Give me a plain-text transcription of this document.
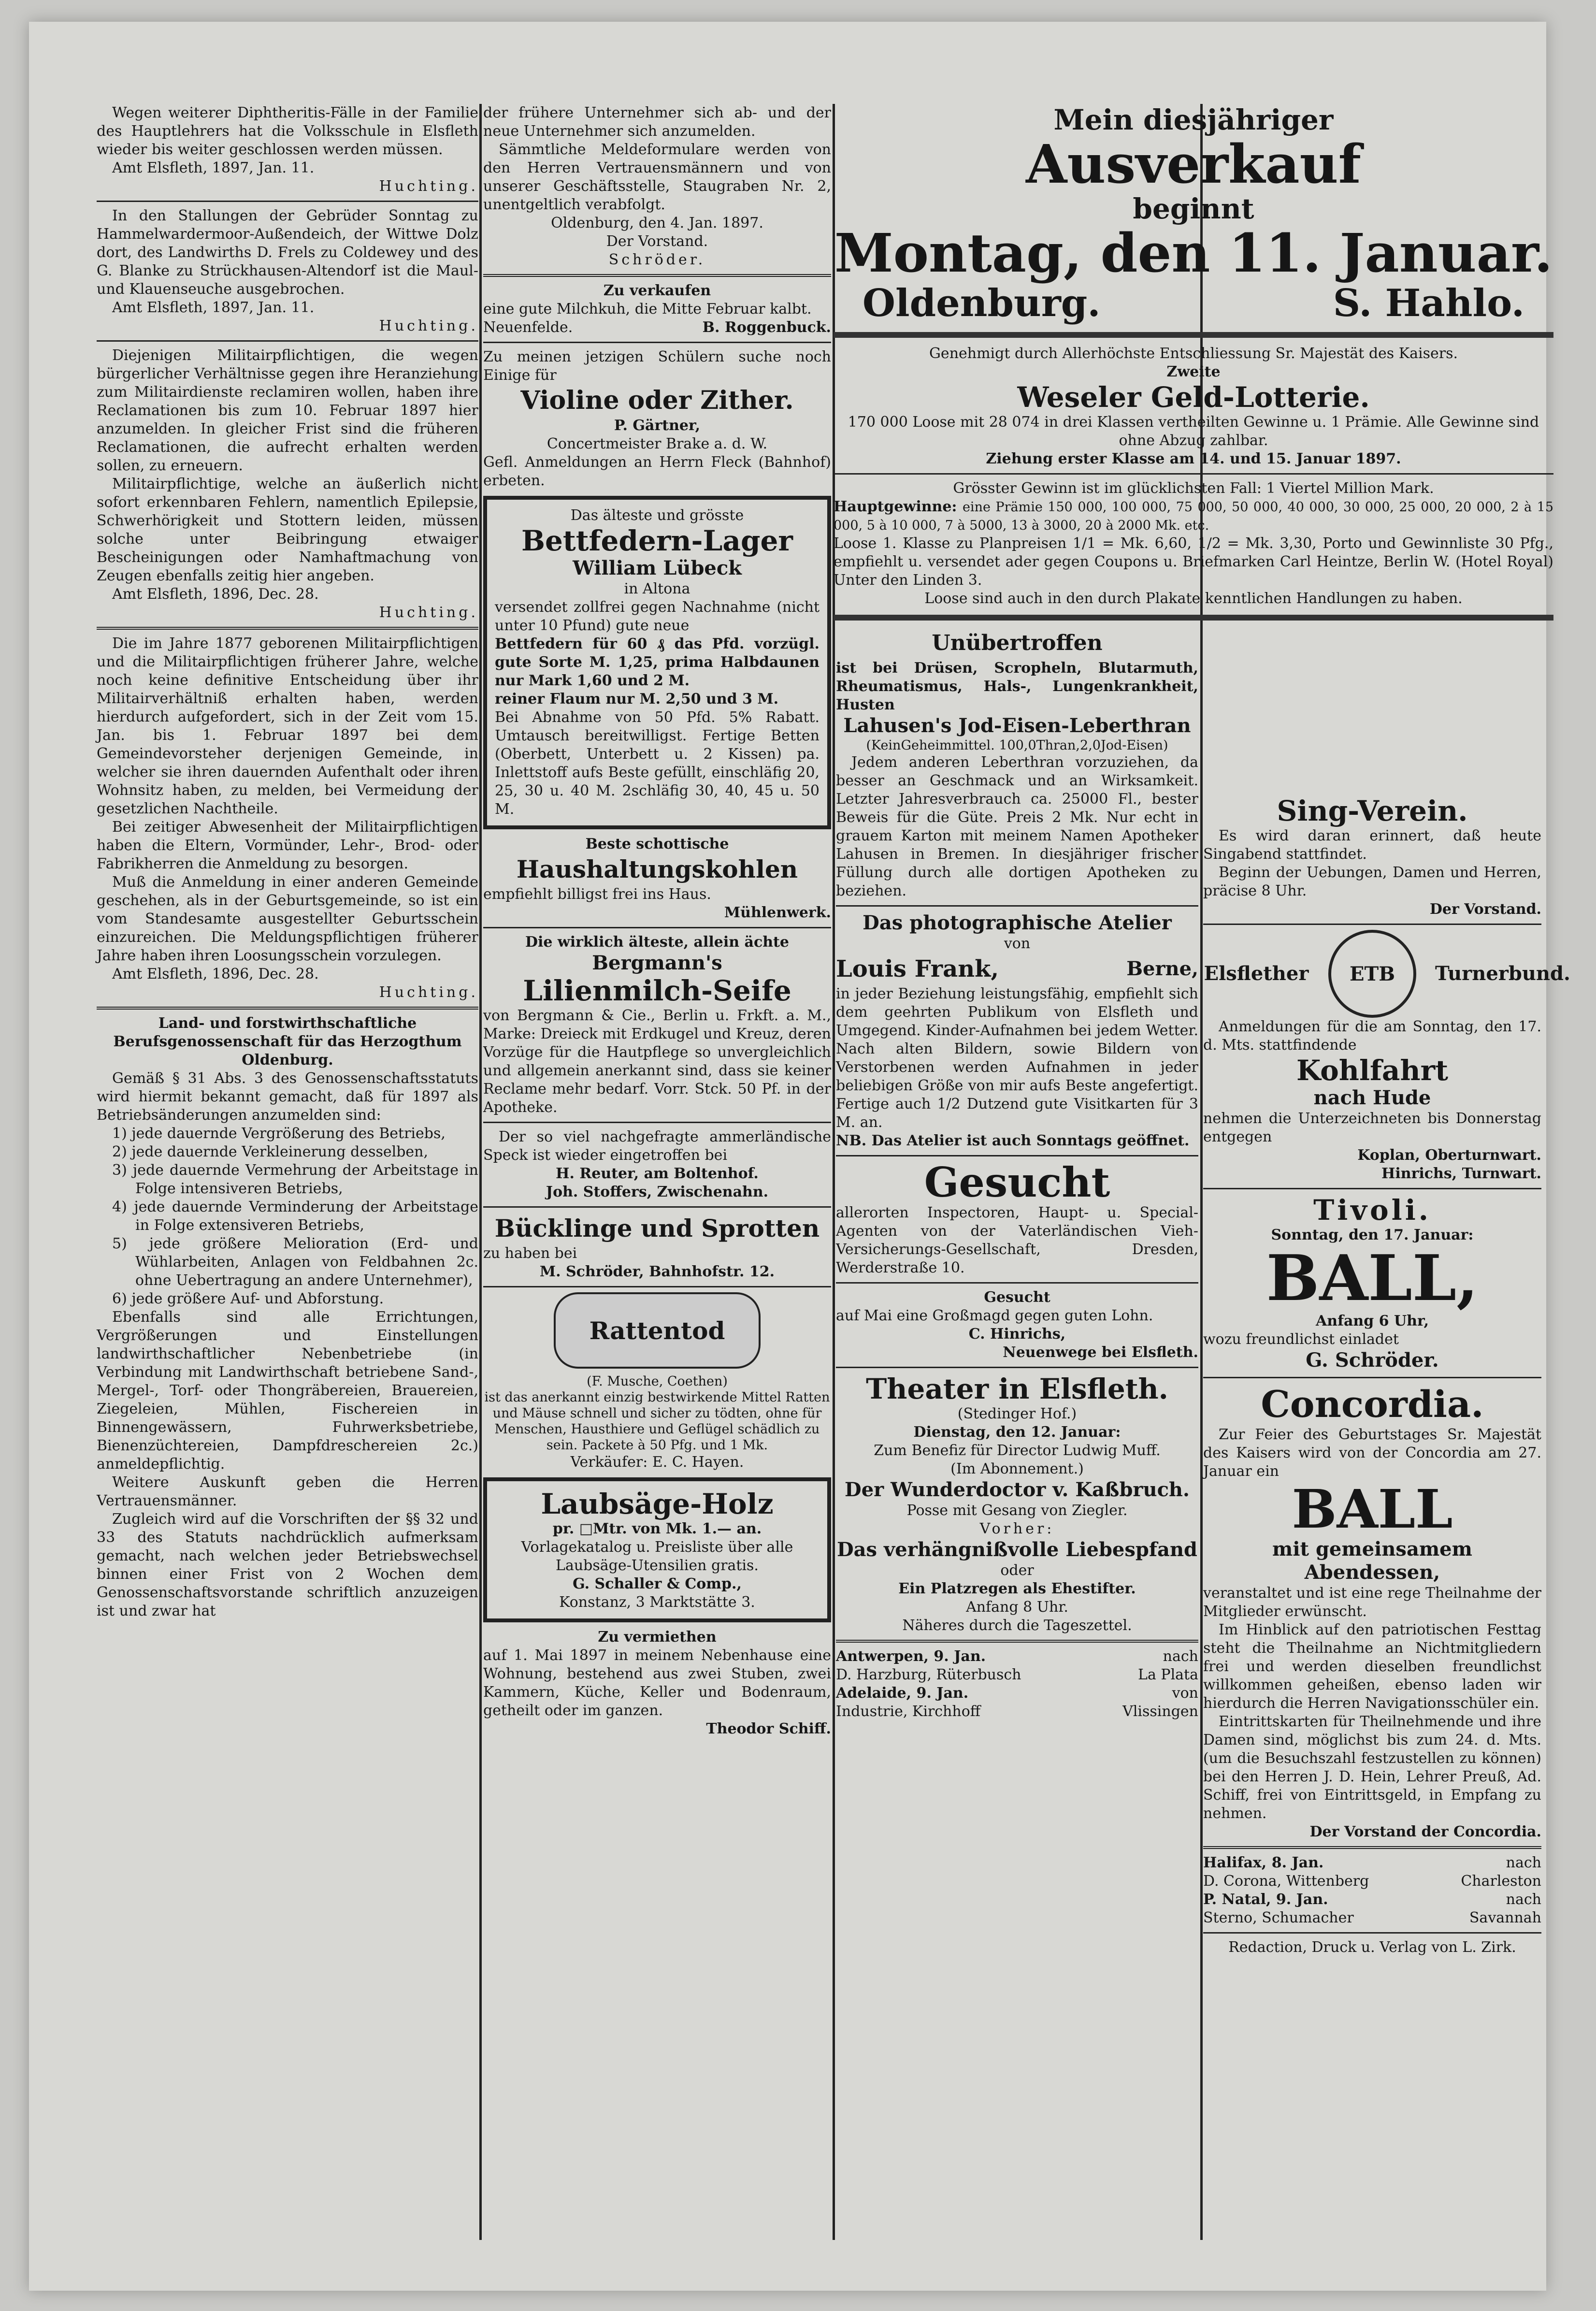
Wegen weiterer Diphtheritis-Fälle in der Familie des Hauptlehrers hat die Volksschule in Elsfleth wieder bis weiter geschlossen werden müssen.

Amt Elsfleth, 1897, Jan. 11.

Huchting.

In den Stallungen der Gebrüder Sonntag zu Hammelwardermoor-Außendeich, der Wittwe Dolz dort, des Landwirths D. Frels zu Coldewey und des G. Blanke zu Strückhausen-Altendorf ist die Maul- und Klauenseuche ausgebrochen.

Amt Elsfleth, 1897, Jan. 11.

Huchting.

Diejenigen Militairpflichtigen, die wegen bürgerlicher Verhältnisse gegen ihre Heranziehung zum Militairdienste reclamiren wollen, haben ihre Reclamationen bis zum 10. Februar 1897 hier anzumelden. In gleicher Frist sind die früheren Reclamationen, die aufrecht erhalten werden sollen, zu erneuern.

Militairpflichtige, welche an äußerlich nicht sofort erkennbaren Fehlern, namentlich Epilepsie, Schwerhörigkeit und Stottern leiden, müssen solche unter Beibringung etwaiger Bescheinigungen oder Namhaftmachung von Zeugen ebenfalls zeitig hier angeben.

Amt Elsfleth, 1896, Dec. 28.

Huchting.

Die im Jahre 1877 geborenen Militairpflichtigen und die Militairpflichtigen früherer Jahre, welche noch keine definitive Entscheidung über ihr Militairverhältniß erhalten haben, werden hierdurch aufgefordert, sich in der Zeit vom 15. Jan. bis 1. Februar 1897 bei dem Gemeindevorsteher derjenigen Gemeinde, in welcher sie ihren dauernden Aufenthalt oder ihren Wohnsitz haben, zu melden, bei Vermeidung der gesetzlichen Nachtheile.

Bei zeitiger Abwesenheit der Militairpflichtigen haben die Eltern, Vormünder, Lehr-, Brod- oder Fabrikherren die Anmeldung zu besorgen.

Muß die Anmeldung in einer anderen Gemeinde geschehen, als in der Geburtsgemeinde, so ist ein vom Standesamte ausgestellter Geburtsschein einzureichen. Die Meldungspflichtigen früherer Jahre haben ihren Loosungsschein vorzulegen.

Amt Elsfleth, 1896, Dec. 28.

Huchting.

Land- und forstwirthschaftliche Berufsgenossenschaft für das Herzogthum Oldenburg.

Gemäß § 31 Abs. 3 des Genossenschaftsstatuts wird hiermit bekannt gemacht, daß für 1897 als Betriebsänderungen anzumelden sind:

1) jede dauernde Vergrößerung des Betriebs,

2) jede dauernde Verkleinerung desselben,

3) jede dauernde Vermehrung der Arbeitstage in Folge intensiveren Betriebs,

4) jede dauernde Verminderung der Arbeitstage in Folge extensiveren Betriebs,

5) jede größere Melioration (Erd- und Wühlarbeiten, Anlagen von Feldbahnen 2c. ohne Uebertragung an andere Unternehmer),

6) jede größere Auf- und Abforstung.

Ebenfalls sind alle Errichtungen, Vergrößerungen und Einstellungen landwirthschaftlicher Nebenbetriebe (in Verbindung mit Landwirthschaft betriebene Sand-, Mergel-, Torf- oder Thongräbereien, Brauereien, Ziegeleien, Mühlen, Fischereien in Binnengewässern, Fuhrwerksbetriebe, Bienenzüchtereien, Dampfdreschereien 2c.) anmeldepflichtig.

Weitere Auskunft geben die Herren Vertrauensmänner.

Zugleich wird auf die Vorschriften der §§ 32 und 33 des Statuts nachdrücklich aufmerksam gemacht, nach welchen jeder Betriebswechsel binnen einer Frist von 2 Wochen dem Genossenschaftsvorstande schriftlich anzuzeigen ist und zwar hat

der frühere Unternehmer sich ab- und der neue Unternehmer sich anzumelden.

Sämmtliche Meldeformulare werden von den Herren Vertrauensmännern und von unserer Geschäftsstelle, Staugraben Nr. 2, unentgeltlich verabfolgt.

Oldenburg, den 4. Jan. 1897.

Der Vorstand.

Schröder.

Zu verkaufen

eine gute Milchkuh, die Mitte Februar kalbt.

Neuenfelde.	B. Roggenbuck.

Zu meinen jetzigen Schülern suche noch Einige für

Violine oder Zither.

P. Gärtner,

Concertmeister Brake a. d. W.

Gefl. Anmeldungen an Herrn Fleck (Bahnhof) erbeten.

Das älteste und grösste

Bettfedern-Lager

William Lübeck

in Altona

versendet zollfrei gegen Nachnahme (nicht unter 10 Pfund) gute neue

Bettfedern für 60 ₰ das Pfd. vorzügl. gute Sorte M. 1,25, prima Halbdaunen nur Mark 1,60 und 2 M.

reiner Flaum nur M. 2,50 und 3 M.

Bei Abnahme von 50 Pfd. 5% Rabatt. Umtausch bereitwilligst. Fertige Betten (Oberbett, Unterbett u. 2 Kissen) pa. Inlettstoff aufs Beste gefüllt, einschläfig 20, 25, 30 u. 40 M. 2schläfig 30, 40, 45 u. 50 M.

Beste schottische

Haushaltungskohlen

empfiehlt billigst frei ins Haus.

Mühlenwerk.

Die wirklich älteste, allein ächte

Bergmann's

Lilienmilch-Seife

von Bergmann & Cie., Berlin u. Frkft. a. M., Marke: Dreieck mit Erdkugel und Kreuz, deren Vorzüge für die Hautpflege so unvergleichlich und allgemein anerkannt sind, dass sie keiner Reclame mehr bedarf. Vorr. Stck. 50 Pf. in der Apotheke.

Der so viel nachgefragte ammerländische Speck ist wieder eingetroffen bei

H. Reuter, am Boltenhof.

Joh. Stoffers, Zwischenahn.

Bücklinge und Sprotten

zu haben bei

M. Schröder, Bahnhofstr. 12.

Rattentod

(F. Musche, Coethen)

ist das anerkannt einzig bestwirkende Mittel Ratten und Mäuse schnell und sicher zu tödten, ohne für Menschen, Hausthiere und Geflügel schädlich zu sein. Packete à 50 Pfg. und 1 Mk.

Verkäufer: E. C. Hayen.

Laubsäge-Holz

pr. □Mtr. von Mk. 1.— an.

Vorlagekatalog u. Preisliste über alle Laubsäge-Utensilien gratis.

G. Schaller & Comp.,

Konstanz, 3 Marktstätte 3.

Zu vermiethen

auf 1. Mai 1897 in meinem Nebenhause eine Wohnung, bestehend aus zwei Stuben, zwei Kammern, Küche, Keller und Bodenraum, getheilt oder im ganzen.

Theodor Schiff.

Mein diesjähriger

Ausverkauf

beginnt

Montag, den 11. Januar.

Oldenburg.	S. Hahlo.

Genehmigt durch Allerhöchste Entschliessung Sr. Majestät des Kaisers.

Zweite

Weseler Geld-Lotterie.

170 000 Loose mit 28 074 in drei Klassen vertheilten Gewinne u. 1 Prämie. Alle Gewinne sind ohne Abzug zahlbar.

Ziehung erster Klasse am 14. und 15. Januar 1897.

Grösster Gewinn ist im glücklichsten Fall: 1 Viertel Million Mark.

Hauptgewinne: eine Prämie 150 000, 100 000, 75 000, 50 000, 40 000, 30 000, 25 000, 20 000, 2 à 15 000, 5 à 10 000, 7 à 5000, 13 à 3000, 20 à 2000 Mk. etc.

Loose 1. Klasse zu Planpreisen 1/1 = Mk. 6,60, 1/2 = Mk. 3,30, Porto und Gewinnliste 30 Pfg., empfiehlt u. versendet ader gegen Coupons u. Briefmarken Carl Heintze, Berlin W. (Hotel Royal) Unter den Linden 3.

Loose sind auch in den durch Plakate kenntlichen Handlungen zu haben.

Unübertroffen

ist bei Drüsen, Scropheln, Blutarmuth, Rheumatismus, Hals-, Lungenkrankheit, Husten

Lahusen's Jod-Eisen-Leberthran

(KeinGeheimmittel. 100,0Thran,2,0Jod-Eisen)

Jedem anderen Leberthran vorzuziehen, da besser an Geschmack und an Wirksamkeit. Letzter Jahresverbrauch ca. 25000 Fl., bester Beweis für die Güte. Preis 2 Mk. Nur echt in grauem Karton mit meinem Namen Apotheker Lahusen in Bremen. In diesjähriger frischer Füllung durch alle dortigen Apotheken zu beziehen.

Das photographische Atelier

von

Louis Frank,	Berne,

in jeder Beziehung leistungsfähig, empfiehlt sich dem geehrten Publikum von Elsfleth und Umgegend. Kinder-Aufnahmen bei jedem Wetter. Nach alten Bildern, sowie Bildern von Verstorbenen werden Aufnahmen in jeder beliebigen Größe von mir aufs Beste angefertigt. Fertige auch 1/2 Dutzend gute Visitkarten für 3 M. an.

NB. Das Atelier ist auch Sonntags geöffnet.

Gesucht

allerorten Inspectoren, Haupt- u. Special-Agenten von der Vaterländischen Vieh-Versicherungs-Gesellschaft, Dresden, Werderstraße 10.

Gesucht

auf Mai eine Großmagd gegen guten Lohn.

C. Hinrichs,

Neuenwege bei Elsfleth.

Theater in Elsfleth.

(Stedinger Hof.)

Dienstag, den 12. Januar:

Zum Benefiz für Director Ludwig Muff.

(Im Abonnement.)

Der Wunderdoctor v. Kaßbruch.

Posse mit Gesang von Ziegler.

Vorher:

Das verhängnißvolle Liebespfand

oder

Ein Platzregen als Ehestifter.

Anfang 8 Uhr.

Näheres durch die Tageszettel.

Antwerpen, 9. Jan.	nach

D. Harzburg, Rüterbusch	La Plata

Adelaide, 9. Jan.	von

Industrie, Kirchhoff	Vlissingen

Sing-Verein.

Es wird daran erinnert, daß heute Singabend stattfindet.

Beginn der Uebungen, Damen und Herren, präcise 8 Uhr.

Der Vorstand.

Elsflether ETB Turnerbund.

Anmeldungen für die am Sonntag, den 17. d. Mts. stattfindende

Kohlfahrt

nach Hude

nehmen die Unterzeichneten bis Donnerstag entgegen

Koplan, Oberturnwart.

Hinrichs, Turnwart.

Tivoli.

Sonntag, den 17. Januar:

BALL,

Anfang 6 Uhr,

wozu freundlichst einladet

G. Schröder.

Concordia.

Zur Feier des Geburtstages Sr. Majestät des Kaisers wird von der Concordia am 27. Januar ein

BALL

mit gemeinsamem Abendessen,

veranstaltet und ist eine rege Theilnahme der Mitglieder erwünscht.

Im Hinblick auf den patriotischen Festtag steht die Theilnahme an Nichtmitgliedern frei und werden dieselben freundlichst willkommen geheißen, ebenso laden wir hierdurch die Herren Navigationsschüler ein.

Eintrittskarten für Theilnehmende und ihre Damen sind, möglichst bis zum 24. d. Mts. (um die Besuchszahl festzustellen zu können) bei den Herren J. D. Hein, Lehrer Preuß, Ad. Schiff, frei von Eintrittsgeld, in Empfang zu nehmen.

Der Vorstand der Concordia.

Halifax, 8. Jan.	nach

D. Corona, Wittenberg	Charleston

P. Natal, 9. Jan.	nach

Sterno, Schumacher	Savannah

Redaction, Druck u. Verlag von L. Zirk.
